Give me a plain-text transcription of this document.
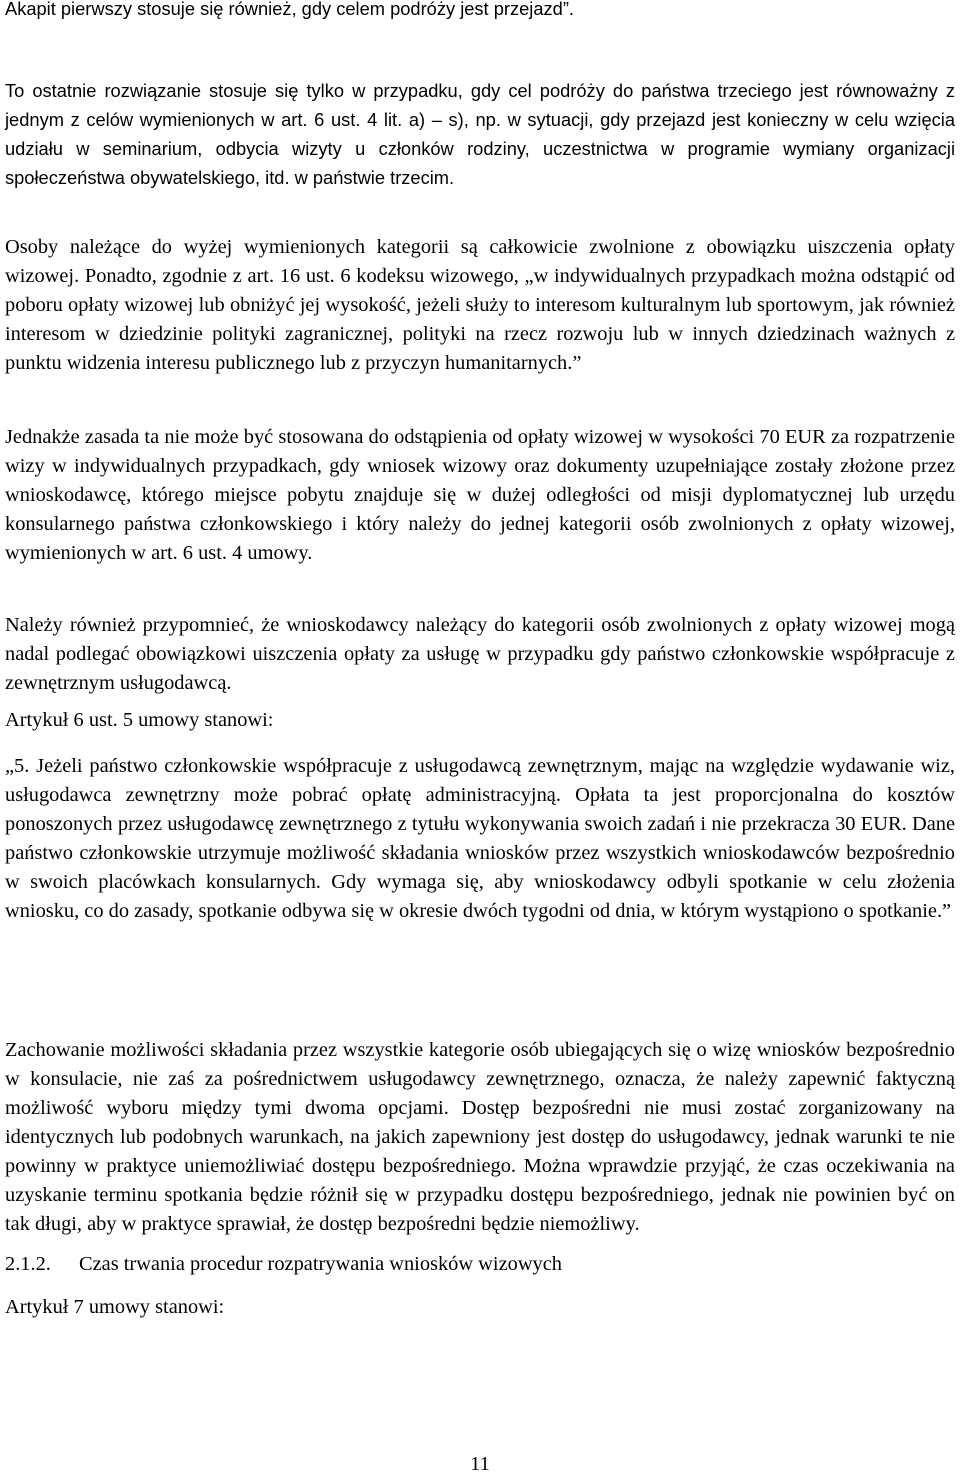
Akapit pierwszy stosuje się również, gdy celem podróży jest przejazd”.

To ostatnie rozwiązanie stosuje się tylko w przypadku, gdy cel podróży do państwa trzeciego jest równoważny z jednym z celów wymienionych w art. 6 ust. 4 lit. a) – s), np. w sytuacji, gdy przejazd jest konieczny w celu wzięcia udziału w seminarium, odbycia wizyty u członków rodziny, uczestnictwa w programie wymiany organizacji społeczeństwa obywatelskiego, itd. w państwie trzecim.

Osoby należące do wyżej wymienionych kategorii są całkowicie zwolnione z obowiązku uiszczenia opłaty wizowej. Ponadto, zgodnie z art. 16 ust. 6 kodeksu wizowego, „w indywidualnych przypadkach można odstąpić od poboru opłaty wizowej lub obniżyć jej wysokość, jeżeli służy to interesom kulturalnym lub sportowym, jak również interesom w dziedzinie polityki zagranicznej, polityki na rzecz rozwoju lub w innych dziedzinach ważnych z punktu widzenia interesu publicznego lub z przyczyn humanitarnych.”

Jednakże zasada ta nie może być stosowana do odstąpienia od opłaty wizowej w wysokości 70 EUR za rozpatrzenie wizy w indywidualnych przypadkach, gdy wniosek wizowy oraz dokumenty uzupełniające zostały złożone przez wnioskodawcę, którego miejsce pobytu znajduje się w dużej odległości od misji dyplomatycznej lub urzędu konsularnego państwa członkowskiego i który należy do jednej kategorii osób zwolnionych z opłaty wizowej, wymienionych w art. 6 ust. 4 umowy.

Należy również przypomnieć, że wnioskodawcy należący do kategorii osób zwolnionych z opłaty wizowej mogą nadal podlegać obowiązkowi uiszczenia opłaty za usługę w przypadku gdy państwo członkowskie współpracuje z zewnętrznym usługodawcą.

Artykuł 6 ust. 5 umowy stanowi:

„5. Jeżeli państwo członkowskie współpracuje z usługodawcą zewnętrznym, mając na względzie wydawanie wiz, usługodawca zewnętrzny może pobrać opłatę administracyjną. Opłata ta jest proporcjonalna do kosztów ponoszonych przez usługodawcę zewnętrznego z tytułu wykonywania swoich zadań i nie przekracza 30 EUR. Dane państwo członkowskie utrzymuje możliwość składania wniosków przez wszystkich wnioskodawców bezpośrednio w swoich placówkach konsularnych. Gdy wymaga się, aby wnioskodawcy odbyli spotkanie w celu złożenia wniosku, co do zasady, spotkanie odbywa się w okresie dwóch tygodni od dnia, w którym wystąpiono o spotkanie.”

Zachowanie możliwości składania przez wszystkie kategorie osób ubiegających się o wizę wniosków bezpośrednio w konsulacie, nie zaś za pośrednictwem usługodawcy zewnętrznego, oznacza, że należy zapewnić faktyczną możliwość wyboru między tymi dwoma opcjami. Dostęp bezpośredni nie musi zostać zorganizowany na identycznych lub podobnych warunkach, na jakich zapewniony jest dostęp do usługodawcy, jednak warunki te nie powinny w praktyce uniemożliwiać dostępu bezpośredniego. Można wprawdzie przyjąć, że czas oczekiwania na uzyskanie terminu spotkania będzie różnił się w przypadku dostępu bezpośredniego, jednak nie powinien być on tak długi, aby w praktyce sprawiał, że dostęp bezpośredni będzie niemożliwy.

2.1.2. Czas trwania procedur rozpatrywania wniosków wizowych

Artykuł 7 umowy stanowi:

11
